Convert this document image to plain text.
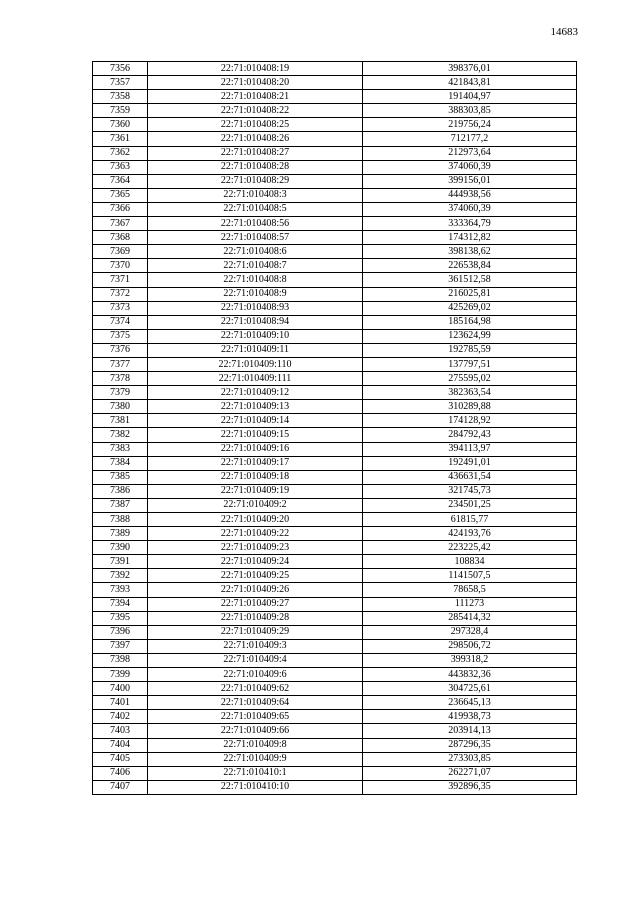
14683
7356	22:71:010408:19	398376,01
7357	22:71:010408:20	421843,81
7358	22:71:010408:21	191404,97
7359	22:71:010408:22	388303,85
7360	22:71:010408:25	219756,24
7361	22:71:010408:26	712177,2
7362	22:71:010408:27	212973,64
7363	22:71:010408:28	374060,39
7364	22:71:010408:29	399156,01
7365	22:71:010408:3	444938,56
7366	22:71:010408:5	374060,39
7367	22:71:010408:56	333364,79
7368	22:71:010408:57	174312,82
7369	22:71:010408:6	398138,62
7370	22:71:010408:7	226538,84
7371	22:71:010408:8	361512,58
7372	22:71:010408:9	216025,81
7373	22:71:010408:93	425269,02
7374	22:71:010408:94	185164,98
7375	22:71:010409:10	123624,99
7376	22:71:010409:11	192785,59
7377	22:71:010409:110	137797,51
7378	22:71:010409:111	275595,02
7379	22:71:010409:12	382363,54
7380	22:71:010409:13	310289,88
7381	22:71:010409:14	174128,92
7382	22:71:010409:15	284792,43
7383	22:71:010409:16	394113,97
7384	22:71:010409:17	192491,01
7385	22:71:010409:18	436631,54
7386	22:71:010409:19	321745,73
7387	22:71:010409:2	234501,25
7388	22:71:010409:20	61815,77
7389	22:71:010409:22	424193,76
7390	22:71:010409:23	223225,42
7391	22:71:010409:24	108834
7392	22:71:010409:25	1141507,5
7393	22:71:010409:26	78658,5
7394	22:71:010409:27	111273
7395	22:71:010409:28	285414,32
7396	22:71:010409:29	297328,4
7397	22:71:010409:3	298506,72
7398	22:71:010409:4	399318,2
7399	22:71:010409:6	443832,36
7400	22:71:010409:62	304725,61
7401	22:71:010409:64	236645,13
7402	22:71:010409:65	419938,73
7403	22:71:010409:66	203914,13
7404	22:71:010409:8	287296,35
7405	22:71:010409:9	273303,85
7406	22:71:010410:1	262271,07
7407	22:71:010410:10	392896,35
